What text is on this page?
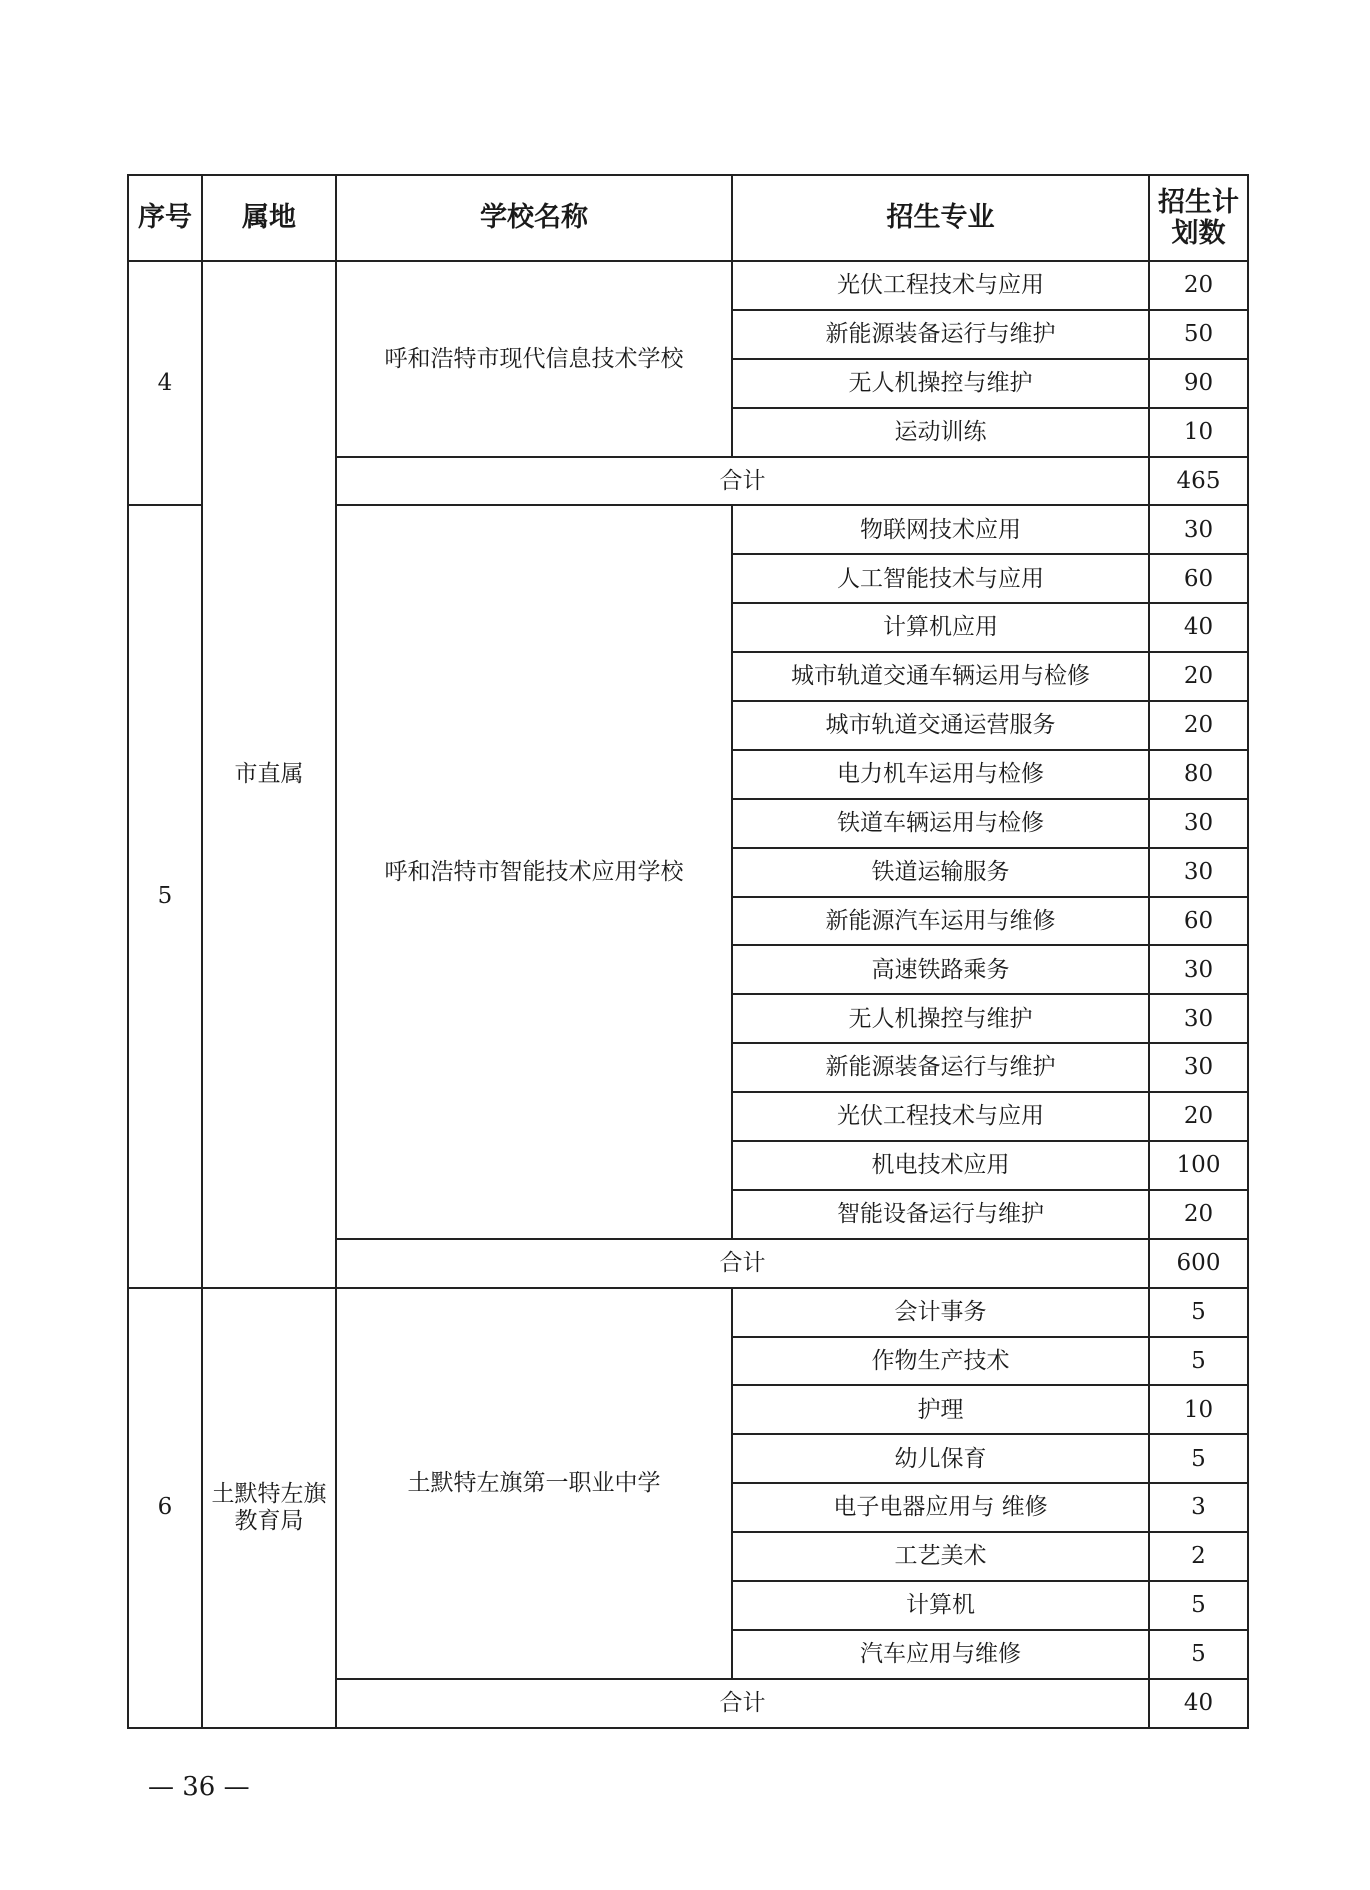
序号	属地	学校名称	招生专业	招生计划数
4	市直属	呼和浩特市现代信息技术学校	光伏工程技术与应用	20
			新能源装备运行与维护	50
			无人机操控与维护	90
			运动训练	10
		合计		465
5		呼和浩特市智能技术应用学校	物联网技术应用	30
			人工智能技术与应用	60
			计算机应用	40
			城市轨道交通车辆运用与检修	20
			城市轨道交通运营服务	20
			电力机车运用与检修	80
			铁道车辆运用与检修	30
			铁道运输服务	30
			新能源汽车运用与维修	60
			高速铁路乘务	30
			无人机操控与维护	30
			新能源装备运行与维护	30
			光伏工程技术与应用	20
			机电技术应用	100
			智能设备运行与维护	20
		合计		600
6	土默特左旗教育局	土默特左旗第一职业中学	会计事务	5
			作物生产技术	5
			护理	10
			幼儿保育	5
			电子电器应用与 维修	3
			工艺美术	2
			计算机	5
			汽车应用与维修	5
		合计		40
— 36 —
